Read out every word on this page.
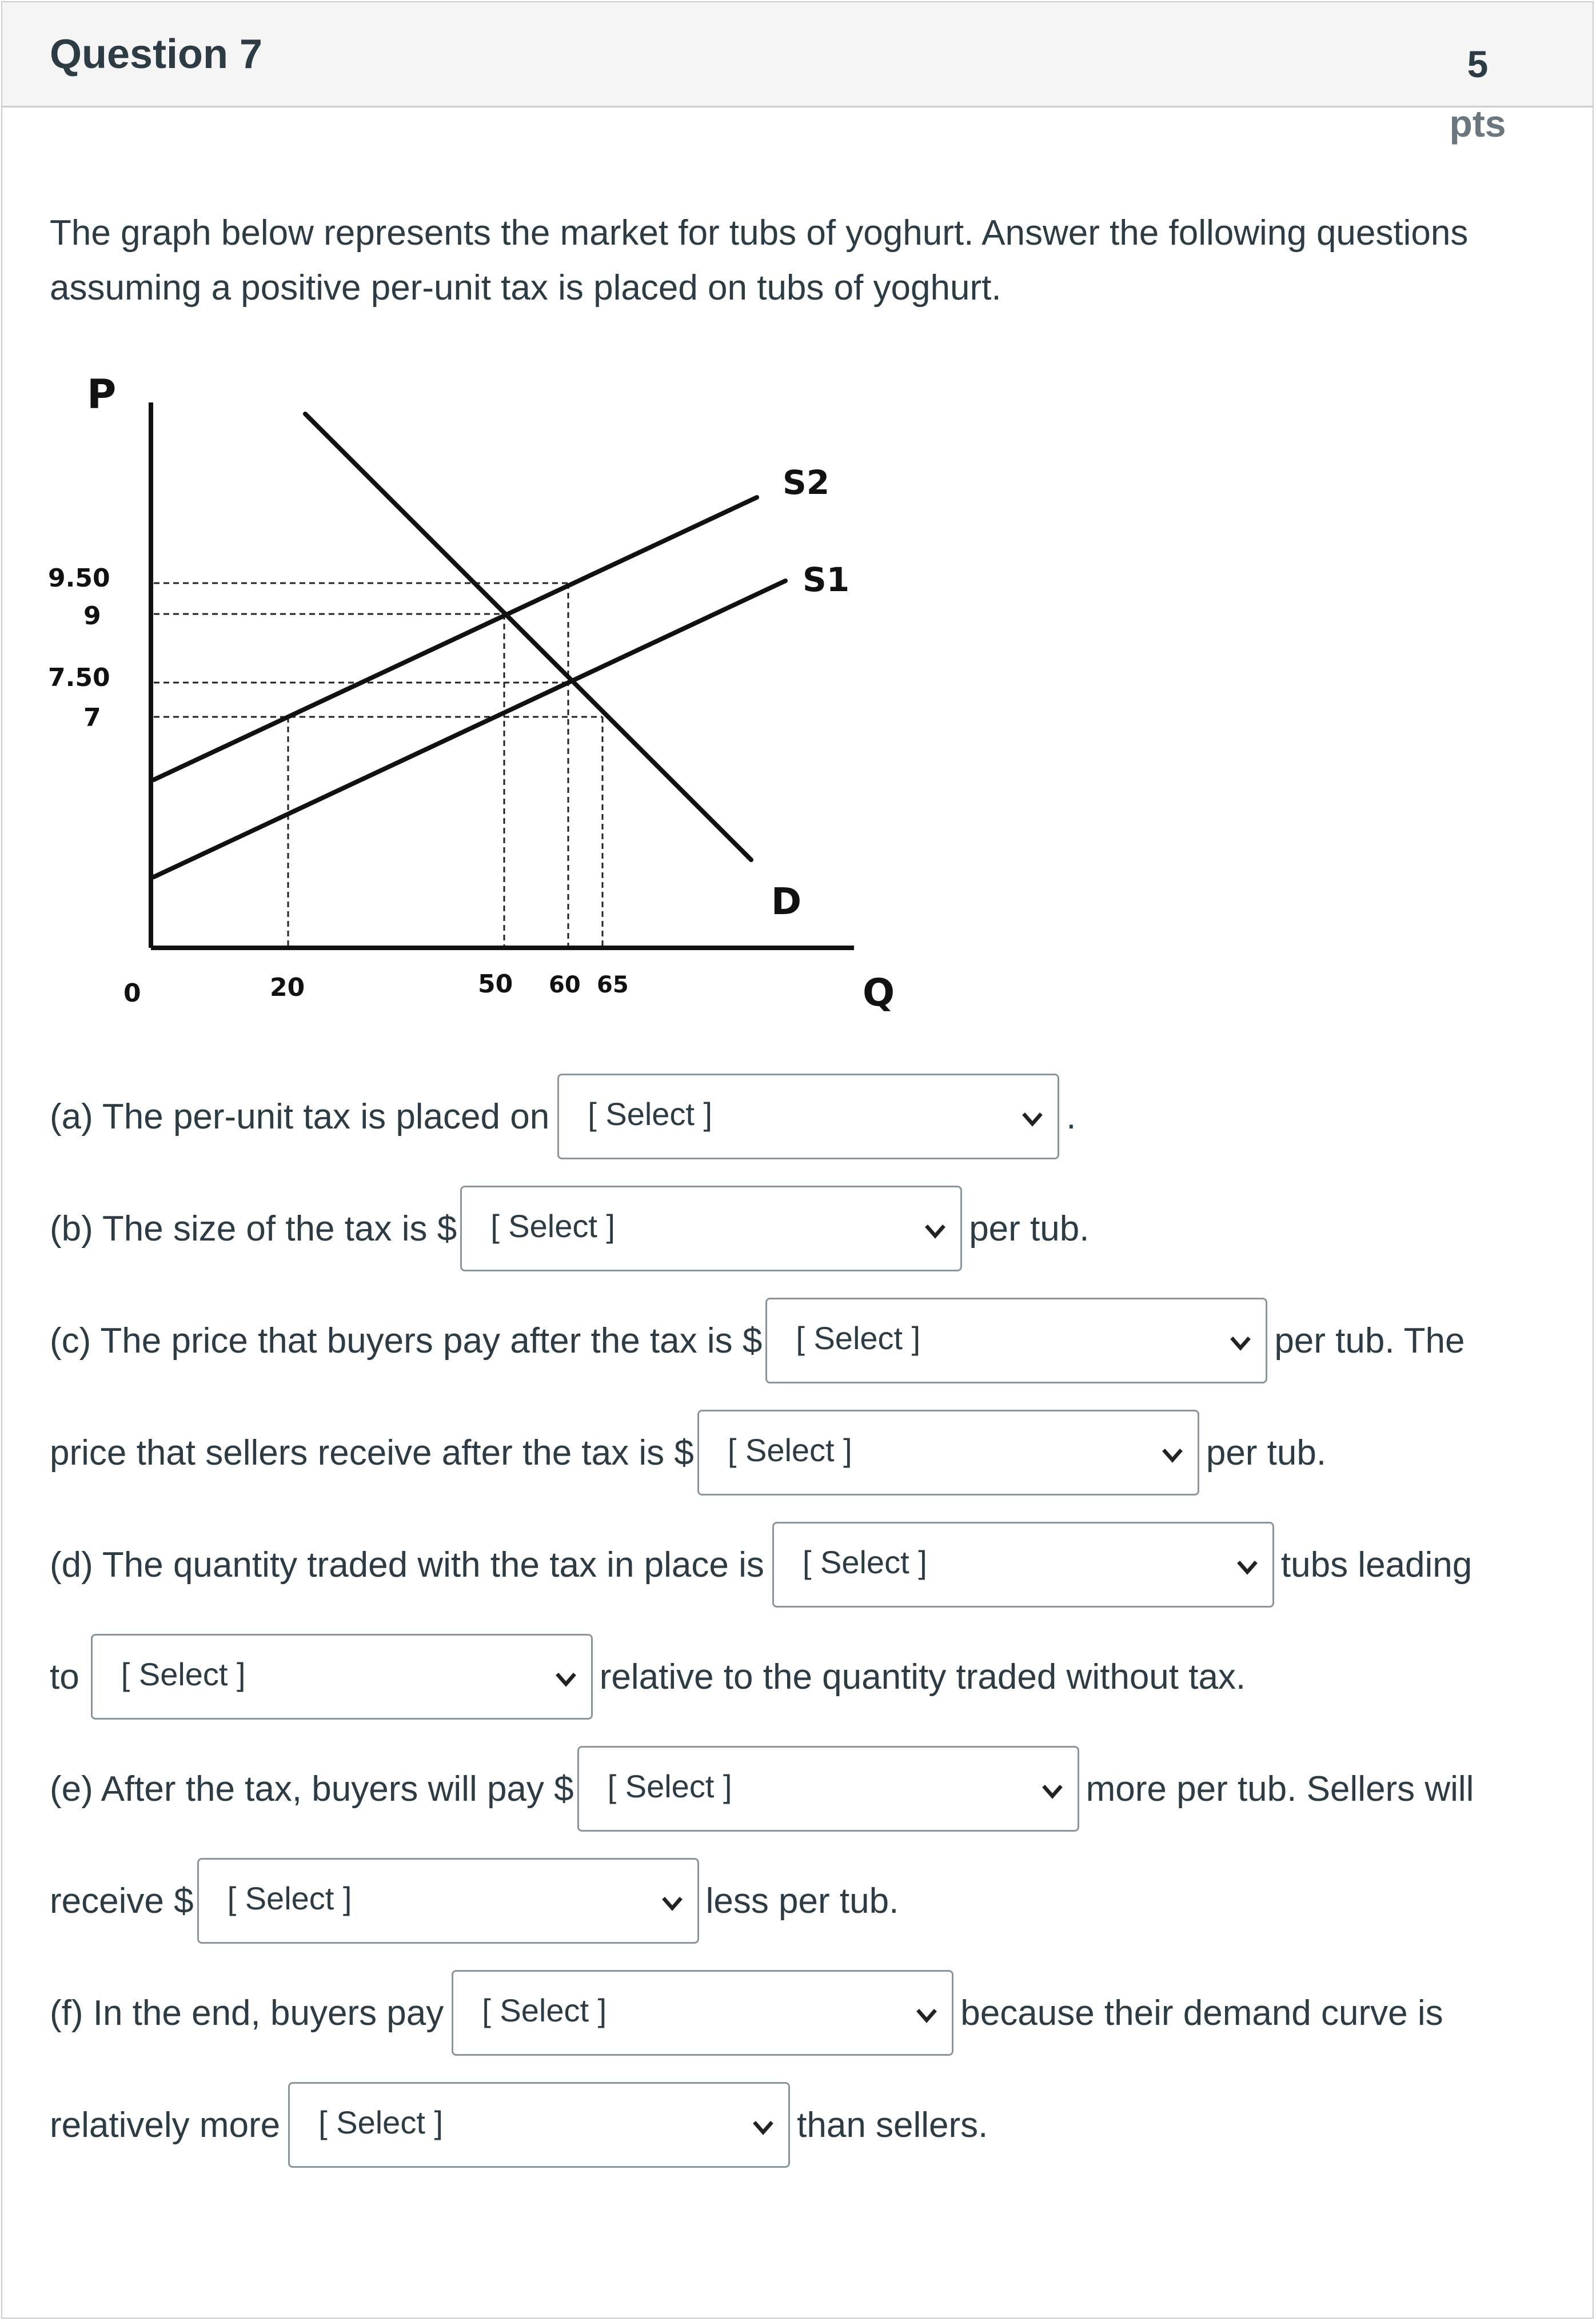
Question 7	5
pts
The graph below represents the market for tubs of yoghurt. Answer the following questions assuming a positive per-unit tax is placed on tubs of yoghurt.
P
Q
0
9.50
9
7.50
7
20	50 60 65
S2
S1
D
(a) The per-unit tax is placed on [ Select ]	.
(b) The size of the tax is $ [ Select ]	per tub.
(c) The price that buyers pay after the tax is $ [ Select ]	per tub. The
price that sellers receive after the tax is $ [ Select ]	per tub.
(d) The quantity traded with the tax in place is [ Select ]	tubs leading
to [ Select ]	relative to the quantity traded without tax.
(e) After the tax, buyers will pay $ [ Select ]	more per tub. Sellers will
receive $ [ Select ]	less per tub.
(f) In the end, buyers pay [ Select ]	because their demand curve is
relatively more [ Select ]	than sellers.
